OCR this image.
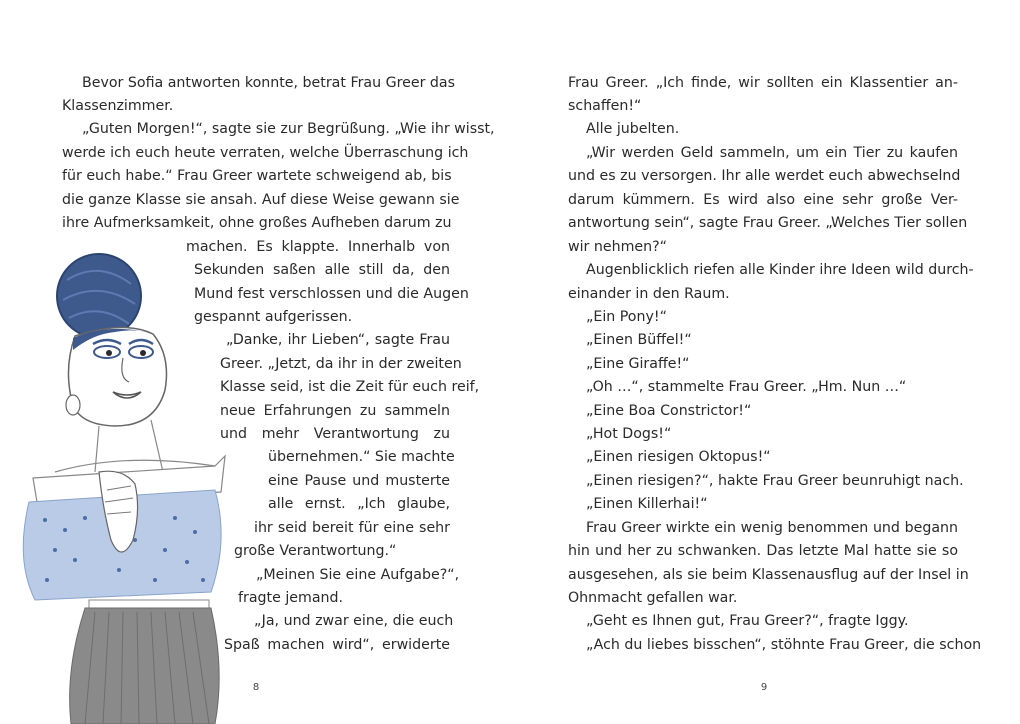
Bevor Sofia antworten konnte, betrat Frau Greer das
Klassenzimmer.
„Guten Morgen!“, sagte sie zur Begrüßung. „Wie ihr wisst,
werde ich euch heute verraten, welche Überraschung ich
für euch habe.“ Frau Greer wartete schweigend ab, bis
die ganze Klasse sie ansah. Auf diese Weise gewann sie
ihre Aufmerksamkeit, ohne großes Aufheben darum zu
machen. Es klappte. Innerhalb von
Sekunden saßen alle still da, den
Mund fest verschlossen und die Augen
gespannt aufgerissen.
„Danke, ihr Lieben“, sagte Frau
Greer. „Jetzt, da ihr in der zweiten
Klasse seid, ist die Zeit für euch reif,
neue Erfahrungen zu sammeln
und mehr Verantwortung zu
übernehmen.“ Sie machte
eine Pause und musterte
alle ernst. „Ich glaube,
ihr seid bereit für eine sehr
große Verantwortung.“
„Meinen Sie eine Aufgabe?“,
fragte jemand.
„Ja, und zwar eine, die euch
Spaß machen wird“, erwiderte
8
Frau Greer. „Ich finde, wir sollten ein Klassentier an-
schaffen!“
Alle jubelten.
„Wir werden Geld sammeln, um ein Tier zu kaufen
und es zu versorgen. Ihr alle werdet euch abwechselnd
darum kümmern. Es wird also eine sehr große Ver-
antwortung sein“, sagte Frau Greer. „Welches Tier sollen
wir nehmen?“
Augenblicklich riefen alle Kinder ihre Ideen wild durch-
einander in den Raum.
„Ein Pony!“
„Einen Büffel!“
„Eine Giraffe!“
„Oh …“, stammelte Frau Greer. „Hm. Nun …“
„Eine Boa Constrictor!“
„Hot Dogs!“
„Einen riesigen Oktopus!“
„Einen riesigen?“, hakte Frau Greer beunruhigt nach.
„Einen Killerhai!“
Frau Greer wirkte ein wenig benommen und begann
hin und her zu schwanken. Das letzte Mal hatte sie so
ausgesehen, als sie beim Klassenausflug auf der Insel in
Ohnmacht gefallen war.
„Geht es Ihnen gut, Frau Greer?“, fragte Iggy.
„Ach du liebes bisschen“, stöhnte Frau Greer, die schon
9
